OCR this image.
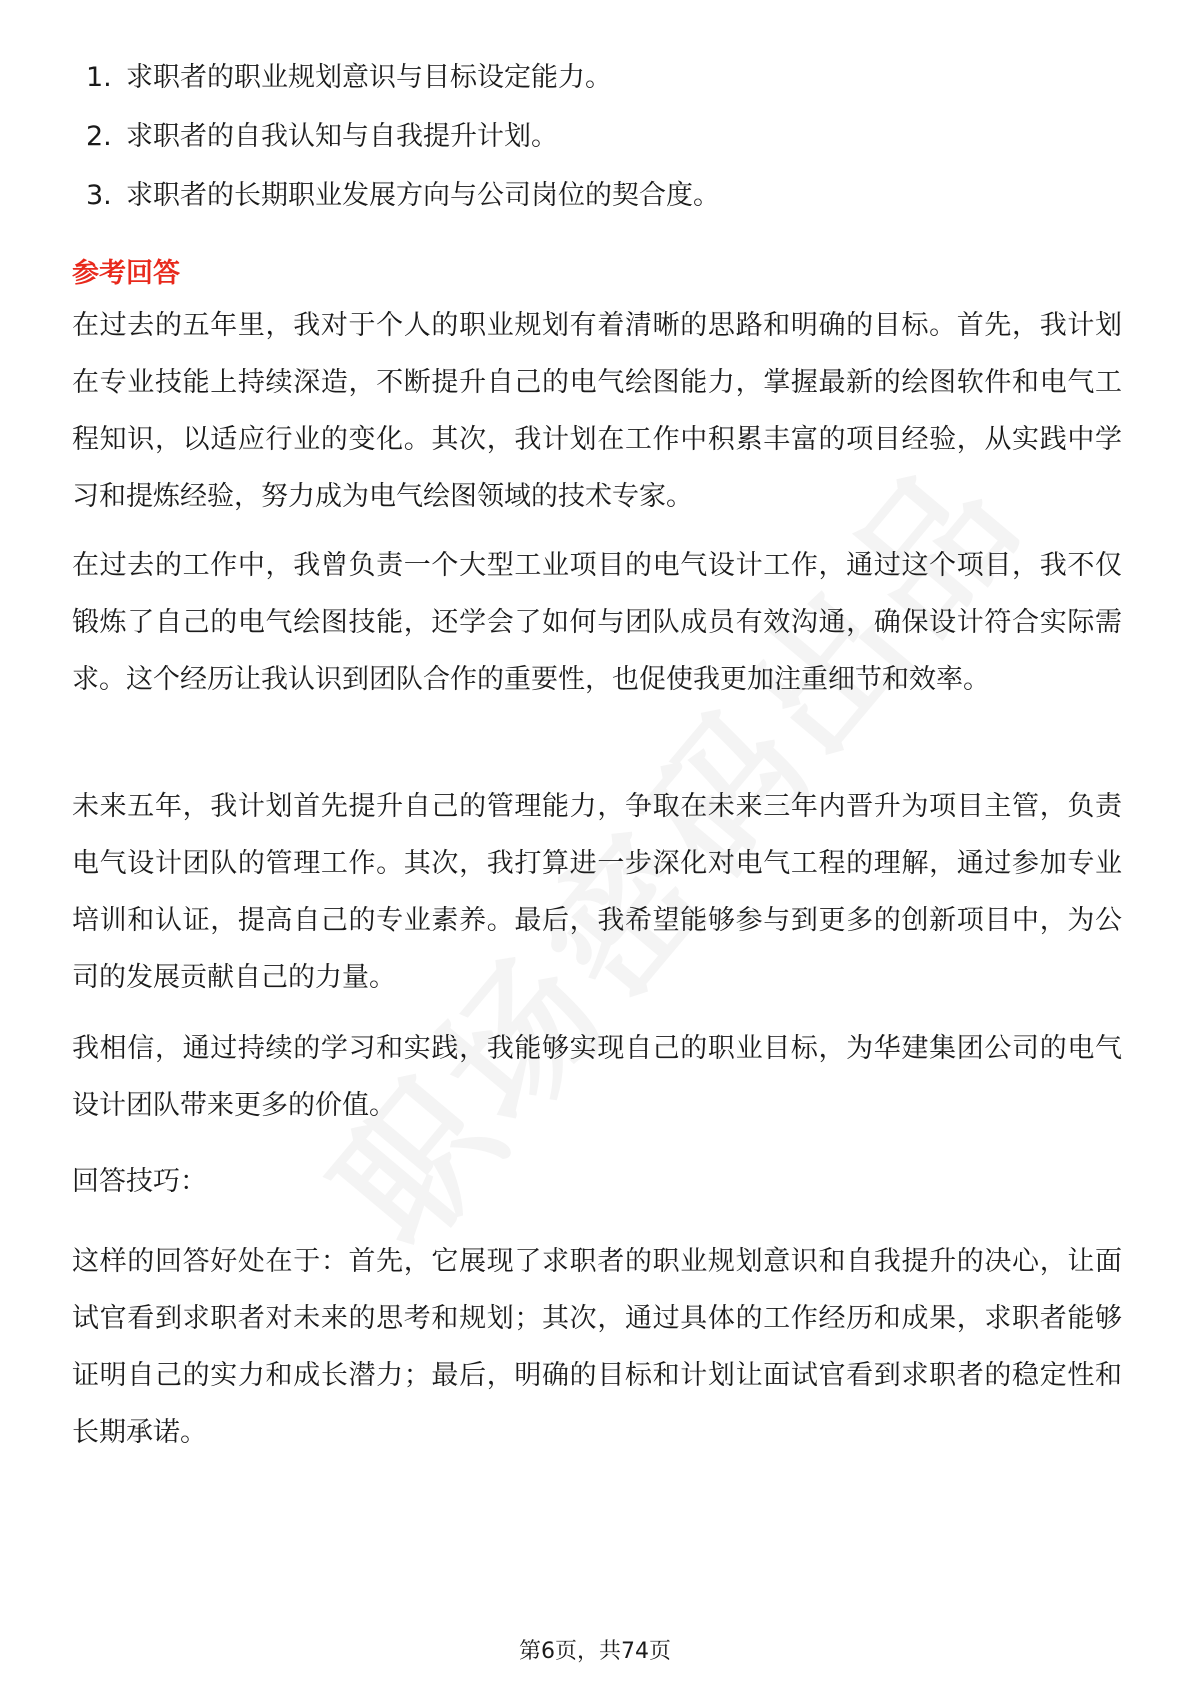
1. 求职者的职业规划意识与目标设定能力。
2. 求职者的自我认知与自我提升计划。
3. 求职者的长期职业发展方向与公司岗位的契合度。
参考回答

在过去的五年里，我对于个人的职业规划有着清晰的思路和明确的目标。首先，我计划在专业技能上持续深造，不断提升自己的电气绘图能力，掌握最新的绘图软件和电气工程知识，以适应行业的变化。其次，我计划在工作中积累丰富的项目经验，从实践中学习和提炼经验，努力成为电气绘图领域的技术专家。

在过去的工作中，我曾负责一个大型工业项目的电气设计工作，通过这个项目，我不仅锻炼了自己的电气绘图技能，还学会了如何与团队成员有效沟通，确保设计符合实际需求。这个经历让我认识到团队合作的重要性，也促使我更加注重细节和效率。

未来五年，我计划首先提升自己的管理能力，争取在未来三年内晋升为项目主管，负责电气设计团队的管理工作。其次，我打算进一步深化对电气工程的理解，通过参加专业培训和认证，提高自己的专业素养。最后，我希望能够参与到更多的创新项目中，为公司的发展贡献自己的力量。

我相信，通过持续的学习和实践，我能够实现自己的职业目标，为华建集团公司的电气设计团队带来更多的价值。

回答技巧：

这样的回答好处在于：首先，它展现了求职者的职业规划意识和自我提升的决心，让面试官看到求职者对未来的思考和规划；其次，通过具体的工作经历和成果，求职者能够证明自己的实力和成长潜力；最后，明确的目标和计划让面试官看到求职者的稳定性和长期承诺。

第6页，共74页
